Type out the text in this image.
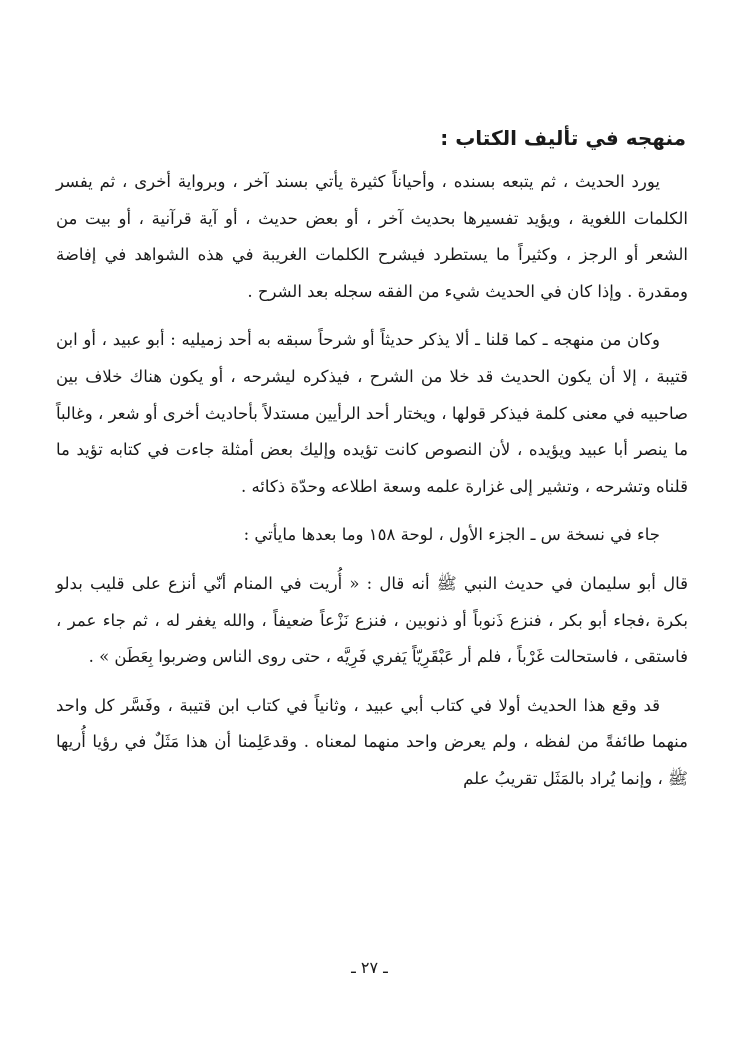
منهجه في تأليف الكتاب :

يورد الحديث ، ثم يتبعه بسنده ، وأحياناً كثيرة يأتي بسند آخر ، وبرواية أخرى ، ثم يفسر الكلمات اللغوية ، ويؤيد تفسيرها بحديث آخر ، أو بعض حديث ، أو آية قرآنية ، أو بيت من الشعر أو الرجز ، وكثيراً ما يستطرد فيشرح الكلمات الغريبة في هذه الشواهد في إفاضة ومقدرة . وإذا كان في الحديث شيء من الفقه سجله بعد الشرح .

وكان من منهجه ـ كما قلنا ـ ألا يذكر حديثاً أو شرحاً سبقه به أحد زميليه : أبو عبيد ، أو ابن قتيبة ، إلا أن يكون الحديث قد خلا من الشرح ، فيذكره ليشرحه ، أو يكون هناك خلاف بين صاحبيه في معنى كلمة فيذكر قولها ، ويختار أحد الرأيين مستدلاً بأحاديث أخرى أو شعر ، وغالباً ما ينصر أبا عبيد ويؤيده ، لأن النصوص كانت تؤيده وإليك بعض أمثلة جاءت في كتابه تؤيد ما قلناه وتشرحه ، وتشير إلى غزارة علمه وسعة اطلاعه وحدّة ذكائه .

جاء في نسخة س ـ الجزء الأول ، لوحة ١٥٨ وما بعدها مايأتي :

قال أبو سليمان في حديث النبي ﷺ أنه قال : « أُريت في المنام أنّي أنزع على قليب بدلو بكرة ،فجاء أبو بكر ، فنزع ذَنوباً أو ذنوبين ، فنزع نَزْعاً ضعيفاً ، والله يغفر له ، ثم جاء عمر ، فاستقى ، فاستحالت غَرْباً ، فلم أر عَبْقَرِيّاً يَفري فَرِيَّه ، حتى روى الناس وضربوا بِعَطَن » .

قد وقع هذا الحديث أولا في كتاب أبي عبيد ، وثانياً في كتاب ابن قتيبة ، وفَسَّر كل واحد منهما طائفةً من لفظه ، ولم يعرض واحد منهما لمعناه . وقدعَلِمنا أن هذا مَثَلٌ في رؤيا أُريها ﷺ ، وإنما يُراد بالمَثَل تقريبُ علم

ـ ٢٧ ـ
